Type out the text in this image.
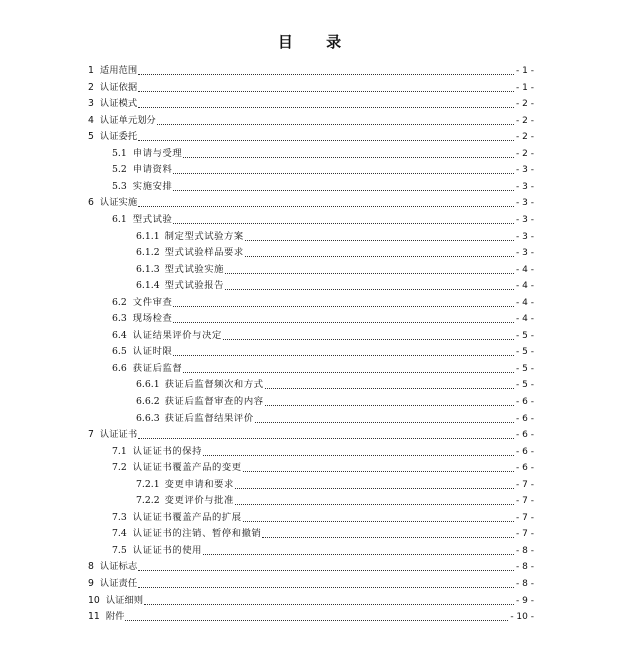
目 录
1 适用范围	- 1 -
2 认证依据	- 1 -
3 认证模式	- 2 -
4 认证单元划分	- 2 -
5 认证委托	- 2 -
5.1 申请与受理	- 2 -
5.2 申请资料	- 3 -
5.3 实施安排	- 3 -
6 认证实施	- 3 -
6.1 型式试验	- 3 -
6.1.1 制定型式试验方案	- 3 -
6.1.2 型式试验样品要求	- 3 -
6.1.3 型式试验实施	- 4 -
6.1.4 型式试验报告	- 4 -
6.2 文件审查	- 4 -
6.3 现场检查	- 4 -
6.4 认证结果评价与决定	- 5 -
6.5 认证时限	- 5 -
6.6 获证后监督	- 5 -
6.6.1 获证后监督频次和方式	- 5 -
6.6.2 获证后监督审查的内容	- 6 -
6.6.3 获证后监督结果评价	- 6 -
7 认证证书	- 6 -
7.1 认证证书的保持	- 6 -
7.2 认证证书覆盖产品的变更	- 6 -
7.2.1 变更申请和要求	- 7 -
7.2.2 变更评价与批准	- 7 -
7.3 认证证书覆盖产品的扩展	- 7 -
7.4 认证证书的注销、暂停和撤销	- 7 -
7.5 认证证书的使用	- 8 -
8 认证标志	- 8 -
9 认证责任	- 8 -
10 认证细则	- 9 -
11 附件	- 10 -
